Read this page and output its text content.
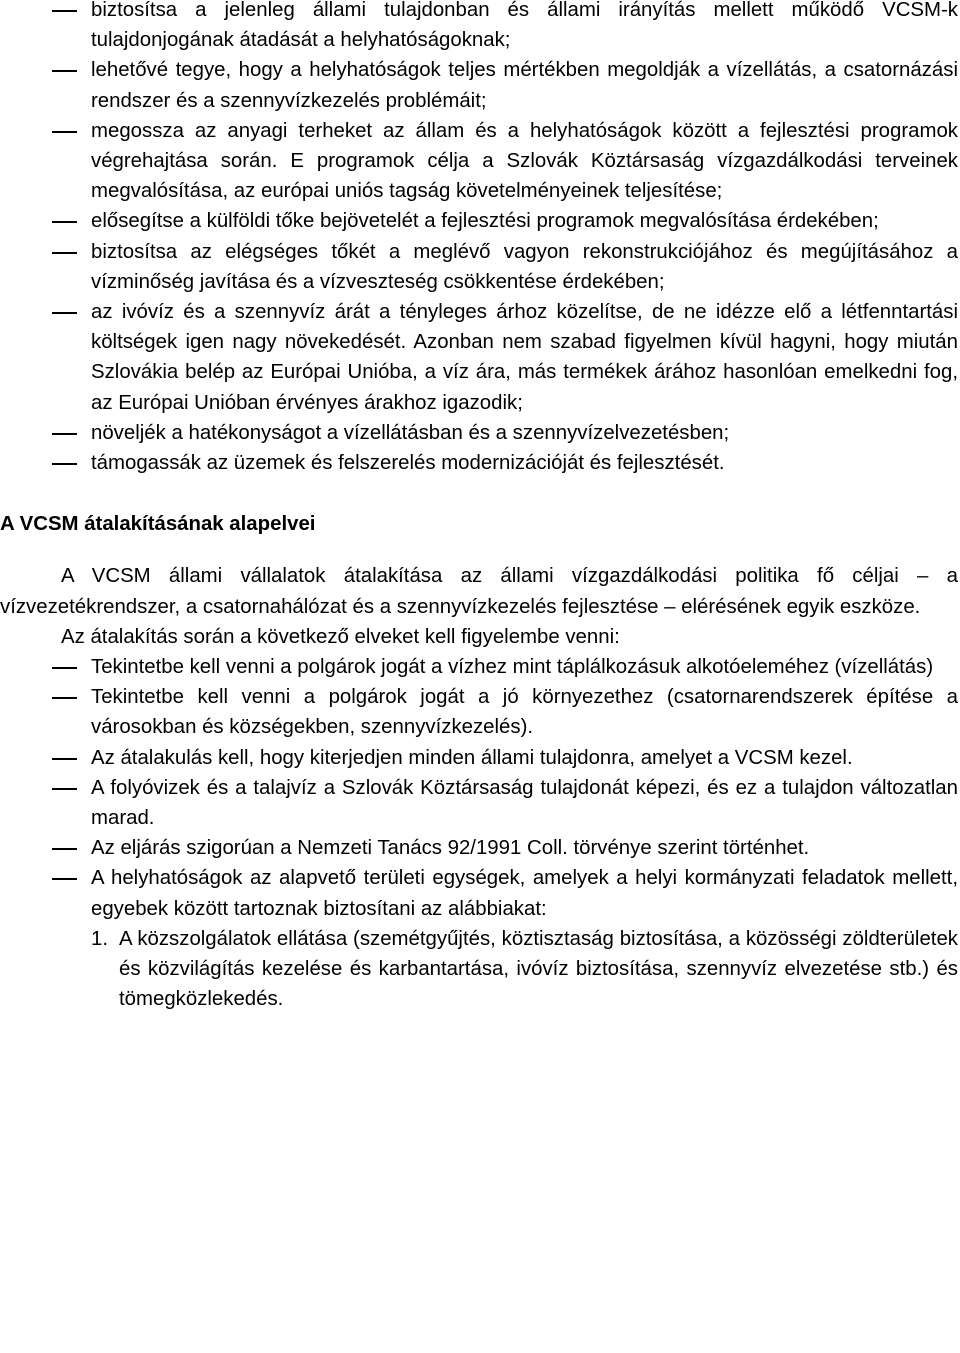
biztosítsa a jelenleg állami tulajdonban és állami irányítás mellett működő VCSM-k tulajdonjogának átadását a helyhatóságoknak;
lehetővé tegye, hogy a helyhatóságok teljes mértékben megoldják a vízellátás, a csatornázási rendszer és a szennyvízkezelés problémáit;
megossza az anyagi terheket az állam és a helyhatóságok között a fejlesztési programok végrehajtása során. E programok célja a Szlovák Köztársaság vízgazdálkodási terveinek megvalósítása, az európai uniós tagság követelményeinek teljesítése;
elősegítse a külföldi tőke bejövetelét a fejlesztési programok megvalósítása érdekében;
biztosítsa az elégséges tőkét a meglévő vagyon rekonstrukciójához és megújításához a vízminőség javítása és a vízveszteség csökkentése érdekében;
az ivóvíz és a szennyvíz árát a tényleges árhoz közelítse, de ne idézze elő a létfenntartási költségek igen nagy növekedését. Azonban nem szabad figyelmen kívül hagyni, hogy miután Szlovákia belép az Európai Unióba, a víz ára, más termékek árához hasonlóan emelkedni fog, az Európai Unióban érvényes árakhoz igazodik;
növeljék a hatékonyságot a vízellátásban és a szennyvízelvezetésben;
támogassák az üzemek és felszerelés modernizációját és fejlesztését.
A VCSM átalakításának alapelvei
A VCSM állami vállalatok átalakítása az állami vízgazdálkodási politika fő céljai – a vízvezetékrendszer, a csatornahálózat és a szennyvízkezelés fejlesztése – elérésének egyik eszköze.
Az átalakítás során a következő elveket kell figyelembe venni:
Tekintetbe kell venni a polgárok jogát a vízhez mint táplálkozásuk alkotóeleméhez (vízellátás)
Tekintetbe kell venni a polgárok jogát a jó környezethez (csatornarendszerek építése a városokban és községekben, szennyvízkezelés).
Az átalakulás kell, hogy kiterjedjen minden állami tulajdonra, amelyet a VCSM kezel.
A folyóvizek és a talajvíz a Szlovák Köztársaság tulajdonát képezi, és ez a tulajdon változatlan marad.
Az eljárás szigorúan a Nemzeti Tanács 92/1991 Coll. törvénye szerint történhet.
A helyhatóságok az alapvető területi egységek, amelyek a helyi kormányzati feladatok mellett, egyebek között tartoznak biztosítani az alábbiakat:
1. A közszolgálatok ellátása (szemétgyűjtés, köztisztaság biztosítása, a közösségi zöldterületek és közvilágítás kezelése és karbantartása, ivóvíz biztosítása, szennyvíz elvezetése stb.) és tömegközlekedés.
